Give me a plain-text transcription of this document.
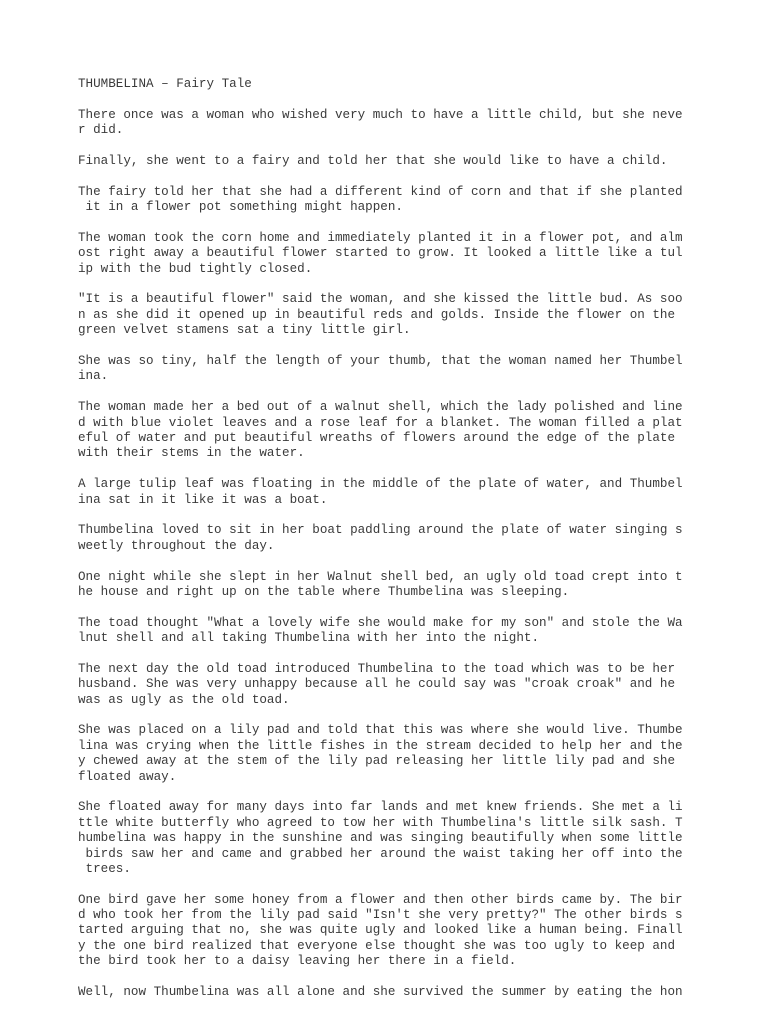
THUMBELINA – Fairy Tale
There once was a woman who wished very much to have a little child, but she neve
r did.
Finally, she went to a fairy and told her that she would like to have a child.
The fairy told her that she had a different kind of corn and that if she planted
it in a flower pot something might happen.
The woman took the corn home and immediately planted it in a flower pot, and alm
ost right away a beautiful flower started to grow. It looked a little like a tul
ip with the bud tightly closed.
"It is a beautiful flower" said the woman, and she kissed the little bud. As soo
n as she did it opened up in beautiful reds and golds. Inside the flower on the
green velvet stamens sat a tiny little girl.
She was so tiny, half the length of your thumb, that the woman named her Thumbel
ina.
The woman made her a bed out of a walnut shell, which the lady polished and line
d with blue violet leaves and a rose leaf for a blanket. The woman filled a plat
eful of water and put beautiful wreaths of flowers around the edge of the plate
with their stems in the water.
A large tulip leaf was floating in the middle of the plate of water, and Thumbel
ina sat in it like it was a boat.
Thumbelina loved to sit in her boat paddling around the plate of water singing s
weetly throughout the day.
One night while she slept in her Walnut shell bed, an ugly old toad crept into t
he house and right up on the table where Thumbelina was sleeping.
The toad thought "What a lovely wife she would make for my son" and stole the Wa
lnut shell and all taking Thumbelina with her into the night.
The next day the old toad introduced Thumbelina to the toad which was to be her
husband. She was very unhappy because all he could say was "croak croak" and he
was as ugly as the old toad.
She was placed on a lily pad and told that this was where she would live. Thumbe
lina was crying when the little fishes in the stream decided to help her and the
y chewed away at the stem of the lily pad releasing her little lily pad and she
floated away.
She floated away for many days into far lands and met knew friends. She met a li
ttle white butterfly who agreed to tow her with Thumbelina's little silk sash. T
humbelina was happy in the sunshine and was singing beautifully when some little
birds saw her and came and grabbed her around the waist taking her off into the
trees.
One bird gave her some honey from a flower and then other birds came by. The bir
d who took her from the lily pad said "Isn't she very pretty?" The other birds s
tarted arguing that no, she was quite ugly and looked like a human being. Finall
y the one bird realized that everyone else thought she was too ugly to keep and
the bird took her to a daisy leaving her there in a field.
Well, now Thumbelina was all alone and she survived the summer by eating the hon
